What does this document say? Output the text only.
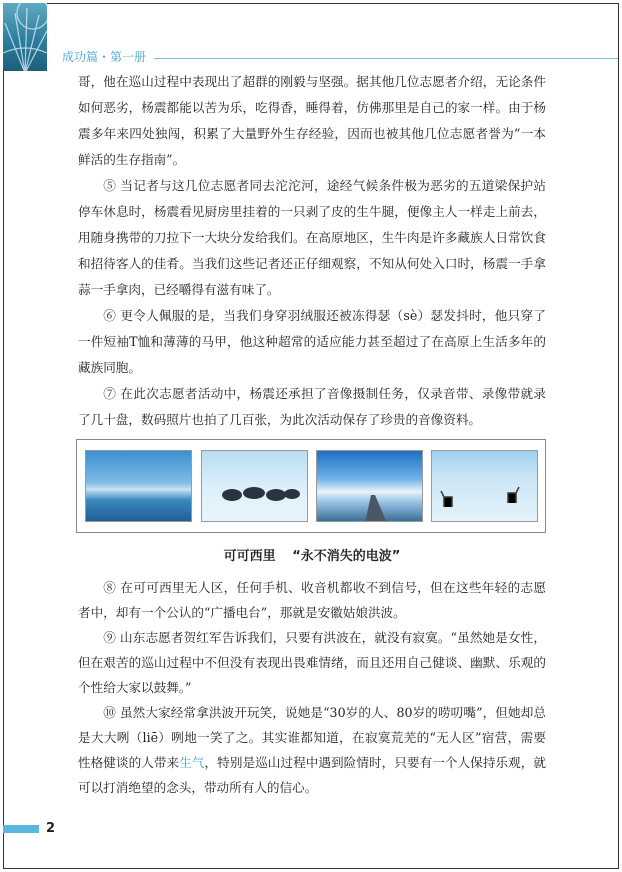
成功篇・第一册

哥，他在巡山过程中表现出了超群的刚毅与坚强。据其他几位志愿者介绍，无论条件如何恶劣，杨震都能以苦为乐，吃得香，睡得着，仿佛那里是自己的家一样。由于杨震多年来四处独闯，积累了大量野外生存经验，因而也被其他几位志愿者誉为“一本鲜活的生存指南”。

⑤ 当记者与这几位志愿者同去沱沱河，途经气候条件极为恶劣的五道梁保护站停车休息时，杨震看见厨房里挂着的一只剥了皮的生牛腿，便像主人一样走上前去，用随身携带的刀拉下一大块分发给我们。在高原地区，生牛肉是许多藏族人日常饮食和招待客人的佳肴。当我们这些记者还正仔细观察，不知从何处入口时，杨震一手拿蒜一手拿肉，已经嚼得有滋有味了。

⑥ 更令人佩服的是，当我们身穿羽绒服还被冻得瑟（sè）瑟发抖时，他只穿了一件短袖T恤和薄薄的马甲，他这种超常的适应能力甚至超过了在高原上生活多年的藏族同胞。

⑦ 在此次志愿者活动中，杨震还承担了音像摄制任务，仅录音带、录像带就录了几十盘，数码照片也拍了几百张，为此次活动保存了珍贵的音像资料。

可可西里 “永不消失的电波”

⑧ 在可可西里无人区，任何手机、收音机都收不到信号，但在这些年轻的志愿者中，却有一个公认的“广播电台”，那就是安徽姑娘洪波。

⑨ 山东志愿者贺红军告诉我们，只要有洪波在，就没有寂寞。“虽然她是女性，但在艰苦的巡山过程中不但没有表现出畏难情绪，而且还用自己健谈、幽默、乐观的个性给大家以鼓舞。”

⑩ 虽然大家经常拿洪波开玩笑，说她是“30岁的人、80岁的唠叨嘴”，但她却总是大大咧（liē）咧地一笑了之。其实谁都知道，在寂寞荒芜的“无人区”宿营，需要性格健谈的人带来生气，特别是巡山过程中遇到险情时，只要有一个人保持乐观，就可以打消绝望的念头，带动所有人的信心。

2
